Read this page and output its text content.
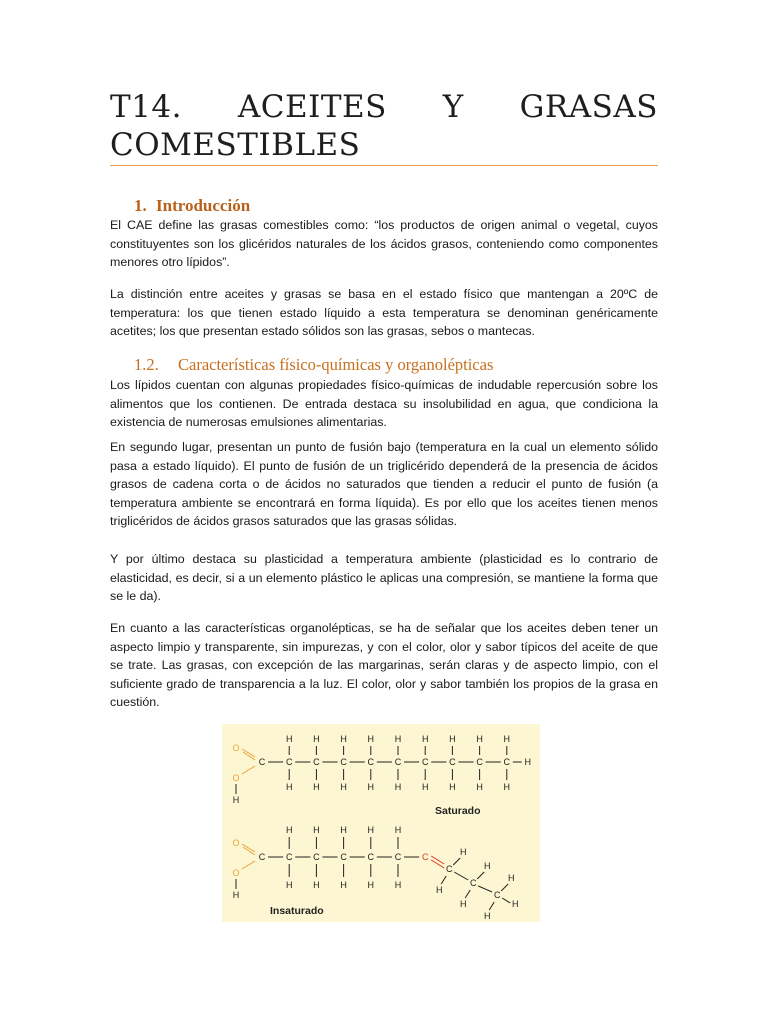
T14. ACEITES Y GRASAS
COMESTIBLES
1. Introducción

El CAE define las grasas comestibles como: “los productos de origen animal o vegetal, cuyos constituyentes son los glicéridos naturales de los ácidos grasos, conteniendo como componentes menores otro lípidos”.

La distinción entre aceites y grasas se basa en el estado físico que mantengan a 20ºC de temperatura: los que tienen estado líquido a esta temperatura se denominan genéricamente acetites; los que presentan estado sólidos son las grasas, sebos o mantecas.

1.2. Características físico-químicas y organolépticas

Los lípidos cuentan con algunas propiedades físico-químicas de indudable repercusión sobre los alimentos que los contienen. De entrada destaca su insolubilidad en agua, que condiciona la existencia de numerosas emulsiones alimentarias.

En segundo lugar, presentan un punto de fusión bajo (temperatura en la cual un elemento sólido pasa a estado líquido). El punto de fusión de un triglicérido dependerá de la presencia de ácidos grasos de cadena corta o de ácidos no saturados que tienden a reducir el punto de fusión (a temperatura ambiente se encontrará en forma líquida). Es por ello que los aceites tienen menos triglicéridos de ácidos grasos saturados que las grasas sólidas.

Y por último destaca su plasticidad a temperatura ambiente (plasticidad es lo contrario de elasticidad, es decir, si a un elemento plástico le aplicas una compresión, se mantiene la forma que se le da).

En cuanto a las características organolépticas, se ha de señalar que los aceites deben tener un aspecto limpio y transparente, sin impurezas, y con el color, olor y sabor típicos del aceite de que se trate. Las grasas, con excepción de las margarinas, serán claras y de aspecto limpio, con el suficiente grado de transparencia a la luz. El color, olor y sabor también los propios de la grasa en cuestión.

Saturado
Insaturado
O
C
O
H
C
H
H
C
H
H
C
H
H
C
H
H
C
H
H
C
H
H
C
H
H
C
H
H
C
H
H
H
O
C
O
H
C
H
H
C
H
H
C
H
H
C
H
H
C
H
H
C
C
H
H
C
H
H
C
H
H
H
